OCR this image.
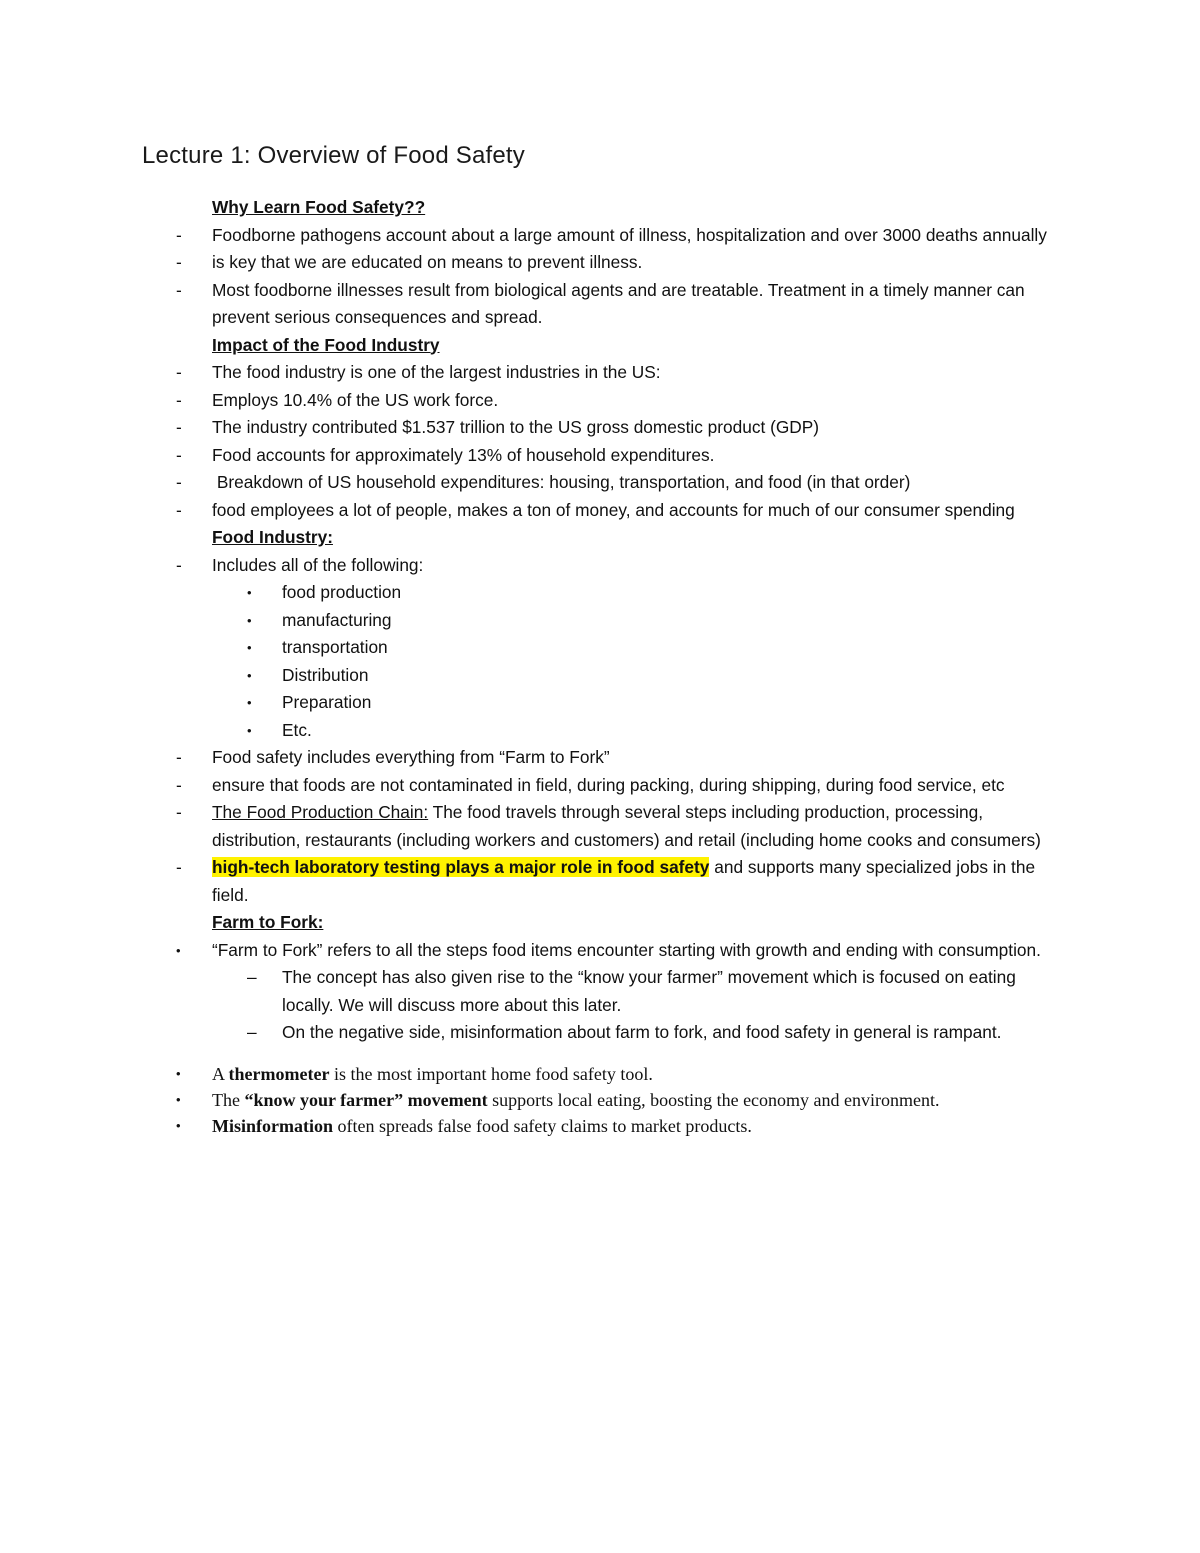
Lecture 1: Overview of Food Safety
Why Learn Food Safety??
- Foodborne pathogens account about a large amount of illness, hospitalization and over 3000 deaths annually
- is key that we are educated on means to prevent illness.
- Most foodborne illnesses result from biological agents and are treatable. Treatment in a timely manner can prevent serious consequences and spread.
Impact of the Food Industry
- The food industry is one of the largest industries in the US:
- Employs 10.4% of the US work force.
- The industry contributed $1.537 trillion to the US gross domestic product (GDP)
- Food accounts for approximately 13% of household expenditures.
- Breakdown of US household expenditures: housing, transportation, and food (in that order)
- food employees a lot of people, makes a ton of money, and accounts for much of our consumer spending
Food Industry:
- Includes all of the following:
• food production
• manufacturing
• transportation
• Distribution
• Preparation
• Etc.
- Food safety includes everything from “Farm to Fork”
- ensure that foods are not contaminated in field, during packing, during shipping, during food service, etc
- The Food Production Chain: The food travels through several steps including production, processing, distribution, restaurants (including workers and customers) and retail (including home cooks and consumers)
- high-tech laboratory testing plays a major role in food safety and supports many specialized jobs in the field.
Farm to Fork:
• “Farm to Fork” refers to all the steps food items encounter starting with growth and ending with consumption.
– The concept has also given rise to the “know your farmer” movement which is focused on eating locally. We will discuss more about this later.
– On the negative side, misinformation about farm to fork, and food safety in general is rampant.
• A thermometer is the most important home food safety tool.
• The “know your farmer” movement supports local eating, boosting the economy and environment.
• Misinformation often spreads false food safety claims to market products.
